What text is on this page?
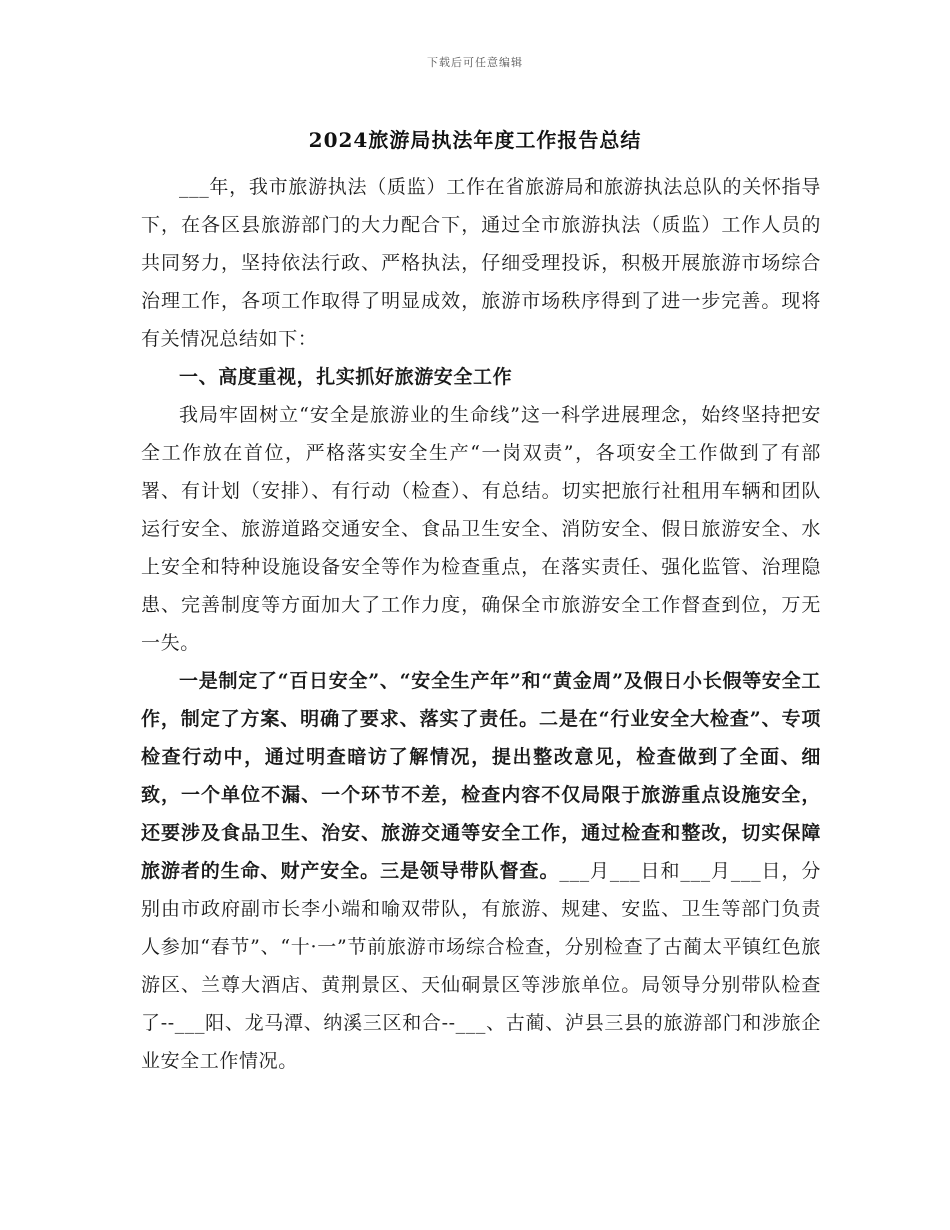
下载后可任意编辑
2024旅游局执法年度工作报告总结

___年，我市旅游执法（质监）工作在省旅游局和旅游执法总队的关怀指导下，在各区县旅游部门的大力配合下，通过全市旅游执法（质监）工作人员的共同努力，坚持依法行政、严格执法，仔细受理投诉，积极开展旅游市场综合治理工作，各项工作取得了明显成效，旅游市场秩序得到了进一步完善。现将有关情况总结如下：

一、高度重视，扎实抓好旅游安全工作

我局牢固树立“安全是旅游业的生命线”这一科学进展理念，始终坚持把安全工作放在首位，严格落实安全生产“一岗双责”，各项安全工作做到了有部署、有计划（安排）、有行动（检查）、有总结。切实把旅行社租用车辆和团队运行安全、旅游道路交通安全、食品卫生安全、消防安全、假日旅游安全、水上安全和特种设施设备安全等作为检查重点，在落实责任、强化监管、治理隐患、完善制度等方面加大了工作力度，确保全市旅游安全工作督查到位，万无一失。

一是制定了“百日安全”、“安全生产年”和“黄金周”及假日小长假等安全工作，制定了方案、明确了要求、落实了责任。二是在“行业安全大检查”、专项检查行动中，通过明查暗访了解情况，提出整改意见，检查做到了全面、细致，一个单位不漏、一个环节不差，检查内容不仅局限于旅游重点设施安全，还要涉及食品卫生、治安、旅游交通等安全工作，通过检查和整改，切实保障旅游者的生命、财产安全。三是领导带队督查。___月___日和___月___日，分别由市政府副市长李小端和喻双带队，有旅游、规建、安监、卫生等部门负责人参加“春节”、“十·一”节前旅游市场综合检查，分别检查了古蔺太平镇红色旅游区、兰尊大酒店、黄荆景区、天仙硐景区等涉旅单位。局领导分别带队检查了--___阳、龙马潭、纳溪三区和合--___、古蔺、泸县三县的旅游部门和涉旅企业安全工作情况。
